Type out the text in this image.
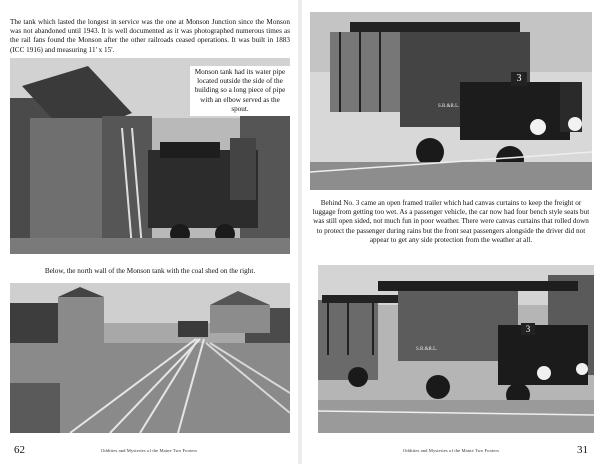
The tank which lasted the longest in service was the one at Monson Junction since the Monson was not abandoned until 1943. It is well documented as it was photographed numerous times as the rail fans found the Monson after the other railroads ceased operations. It was built in 1883 (ICC 1916) and measuring 11' x 15'.

Monson tank had its water pipe located outside the side of the building so a long piece of pipe with an elbow served as the spout.

Below, the north wall of the Monson tank with the coal shed on the right.

62	Oddities and Mysteries of the Maine Two Footers
3
S.R.&R.L.

Behind No. 3 came an open framed trailer which had canvas curtains to keep the freight or luggage from getting too wet. As a passenger vehicle, the car now had four bench style seats but was still open sided, not much fun in poor weather. There were canvas curtains that rolled down to protect the passenger during rains but the front seat passengers alongside the driver did not appear to get any side protection from the weather at all.

3
S.R.&R.L.
Oddities and Mysteries of the Maine Two Footers	31
